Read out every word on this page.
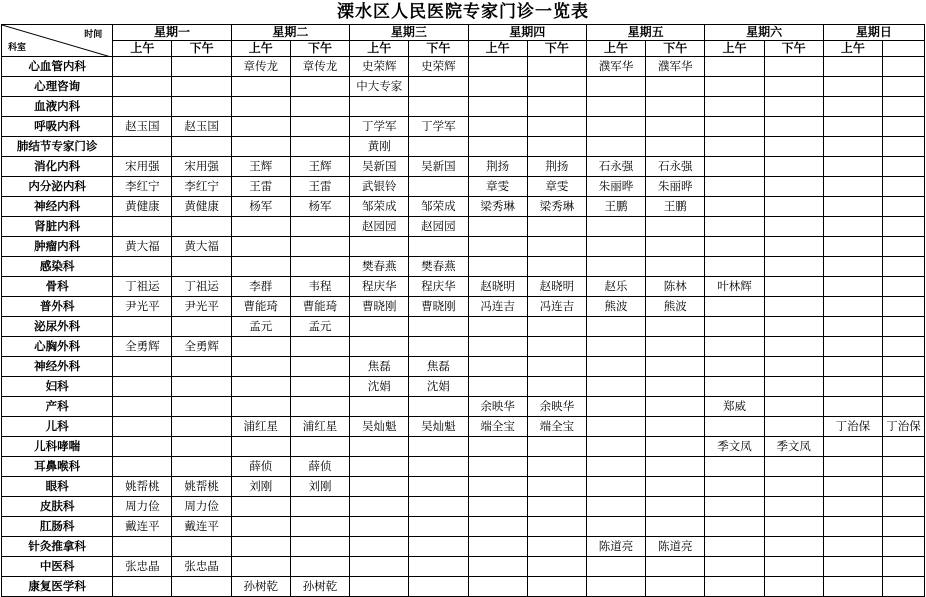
溧水区人民医院专家门诊一览表
时间
科室	星期一		星期二		星期三		星期四		星期五		星期六		星期日	
	上午	下午	上午	下午	上午	下午	上午	下午	上午	下午	上午	下午	上午	
心血管内科			章传龙	章传龙	史荣辉	史荣辉			濮军华	濮军华				
心理咨询					中大专家									
血液内科														
呼吸内科	赵玉国	赵玉国			丁学军	丁学军								
肺结节专家门诊					黄刚									
消化内科	宋用强	宋用强	王辉	王辉	吴新国	吴新国	荆扬	荆扬	石永强	石永强				
内分泌内科	李红宁	李红宁	王雷	王雷	武银铃		章雯	章雯	朱丽晔	朱丽晔				
神经内科	黄健康	黄健康	杨军	杨军	邹荣成	邹荣成	梁秀琳	梁秀琳	王鹏	王鹏				
肾脏内科					赵园园	赵园园								
肿瘤内科	黄大福	黄大福												
感染科					樊春燕	樊春燕								
骨科	丁祖运	丁祖运	李群	韦程	程庆华	程庆华	赵晓明	赵晓明	赵乐	陈林	叶林辉			
普外科	尹光平	尹光平	曹能琦	曹能琦	曹晓刚	曹晓刚	冯连吉	冯连吉	熊波	熊波				
泌尿外科			孟元	孟元										
心胸外科	全勇辉	全勇辉												
神经外科					焦磊	焦磊								
妇科					沈娟	沈娟								
产科							余映华	余映华			郑威			
儿科			浦红星	浦红星	吴灿魁	吴灿魁	端全宝	端全宝					丁治保	丁治保
儿科哮喘											季文凤	季文凤		
耳鼻喉科			薛侦	薛侦										
眼科	姚帮桃	姚帮桃	刘刚	刘刚										
皮肤科	周力俭	周力俭												
肛肠科	戴连平	戴连平												
针灸推拿科									陈道亮	陈道亮				
中医科	张忠晶	张忠晶												
康复医学科			孙树乾	孙树乾										
